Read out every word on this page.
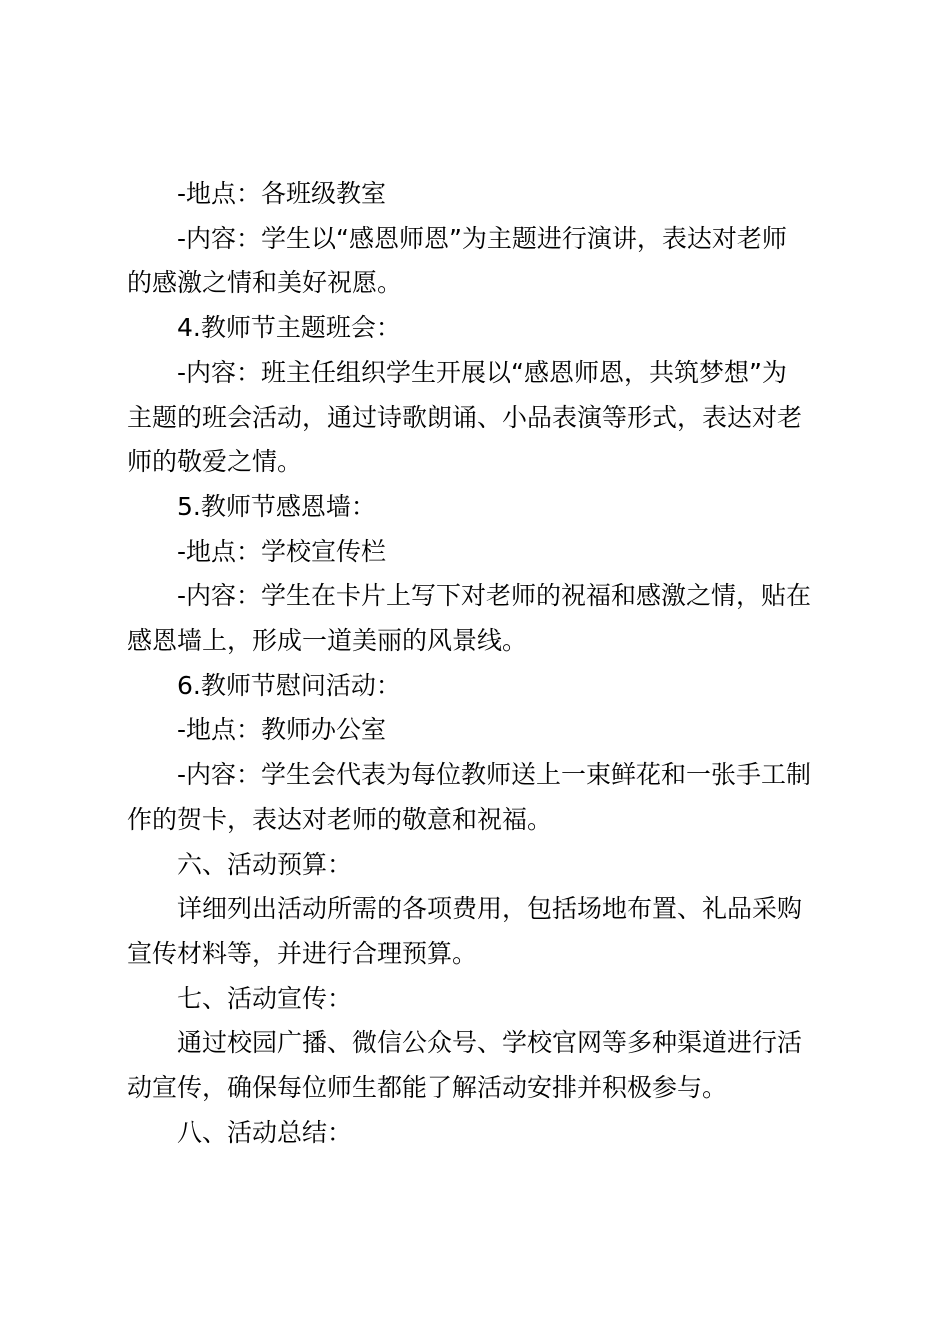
-地点：各班级教室

-内容：学生以“感恩师恩”为主题进行演讲，表达对老师

的感激之情和美好祝愿。

4.教师节主题班会：

-内容：班主任组织学生开展以“感恩师恩，共筑梦想”为

主题的班会活动，通过诗歌朗诵、小品表演等形式，表达对老

师的敬爱之情。

5.教师节感恩墙：

-地点：学校宣传栏

-内容：学生在卡片上写下对老师的祝福和感激之情，贴在

感恩墙上，形成一道美丽的风景线。

6.教师节慰问活动：

-地点：教师办公室

-内容：学生会代表为每位教师送上一束鲜花和一张手工制

作的贺卡，表达对老师的敬意和祝福。

六、活动预算：

详细列出活动所需的各项费用，包括场地布置、礼品采购

宣传材料等，并进行合理预算。

七、活动宣传：

通过校园广播、微信公众号、学校官网等多种渠道进行活

动宣传，确保每位师生都能了解活动安排并积极参与。

八、活动总结：
